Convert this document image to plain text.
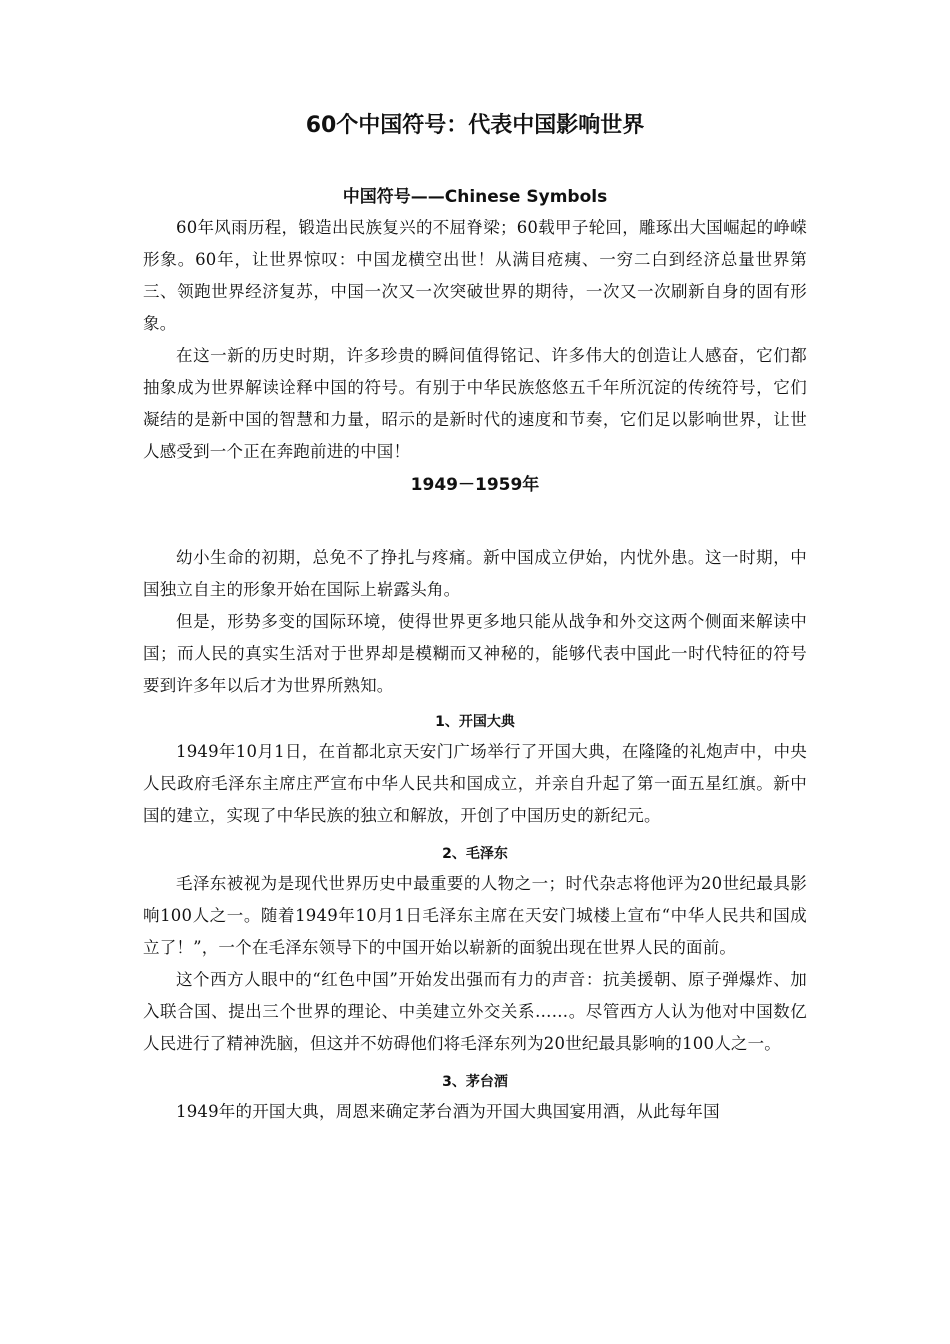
60个中国符号：代表中国影响世界
中国符号——Chinese Symbols

60年风雨历程，锻造出民族复兴的不屈脊梁；60载甲子轮回，雕琢出大国崛起的峥嵘形象。60年，让世界惊叹：中国龙横空出世！从满目疮痍、一穷二白到经济总量世界第三、领跑世界经济复苏，中国一次又一次突破世界的期待，一次又一次刷新自身的固有形象。

在这一新的历史时期，许多珍贵的瞬间值得铭记、许多伟大的创造让人感奋，它们都抽象成为世界解读诠释中国的符号。有别于中华民族悠悠五千年所沉淀的传统符号，它们凝结的是新中国的智慧和力量，昭示的是新时代的速度和节奏，它们足以影响世界，让世人感受到一个正在奔跑前进的中国！

1949－1959年

幼小生命的初期，总免不了挣扎与疼痛。新中国成立伊始，内忧外患。这一时期，中国独立自主的形象开始在国际上崭露头角。

但是，形势多变的国际环境，使得世界更多地只能从战争和外交这两个侧面来解读中国；而人民的真实生活对于世界却是模糊而又神秘的，能够代表中国此一时代特征的符号要到许多年以后才为世界所熟知。

1、开国大典

1949年10月1日，在首都北京天安门广场举行了开国大典，在隆隆的礼炮声中，中央人民政府毛泽东主席庄严宣布中华人民共和国成立，并亲自升起了第一面五星红旗。新中国的建立，实现了中华民族的独立和解放，开创了中国历史的新纪元。

2、毛泽东

毛泽东被视为是现代世界历史中最重要的人物之一；时代杂志将他评为20世纪最具影响100人之一。随着1949年10月1日毛泽东主席在天安门城楼上宣布“中华人民共和国成立了！”，一个在毛泽东领导下的中国开始以崭新的面貌出现在世界人民的面前。

这个西方人眼中的“红色中国”开始发出强而有力的声音：抗美援朝、原子弹爆炸、加入联合国、提出三个世界的理论、中美建立外交关系……。尽管西方人认为他对中国数亿人民进行了精神洗脑，但这并不妨碍他们将毛泽东列为20世纪最具影响的100人之一。

3、茅台酒

1949年的开国大典，周恩来确定茅台酒为开国大典国宴用酒，从此每年国
